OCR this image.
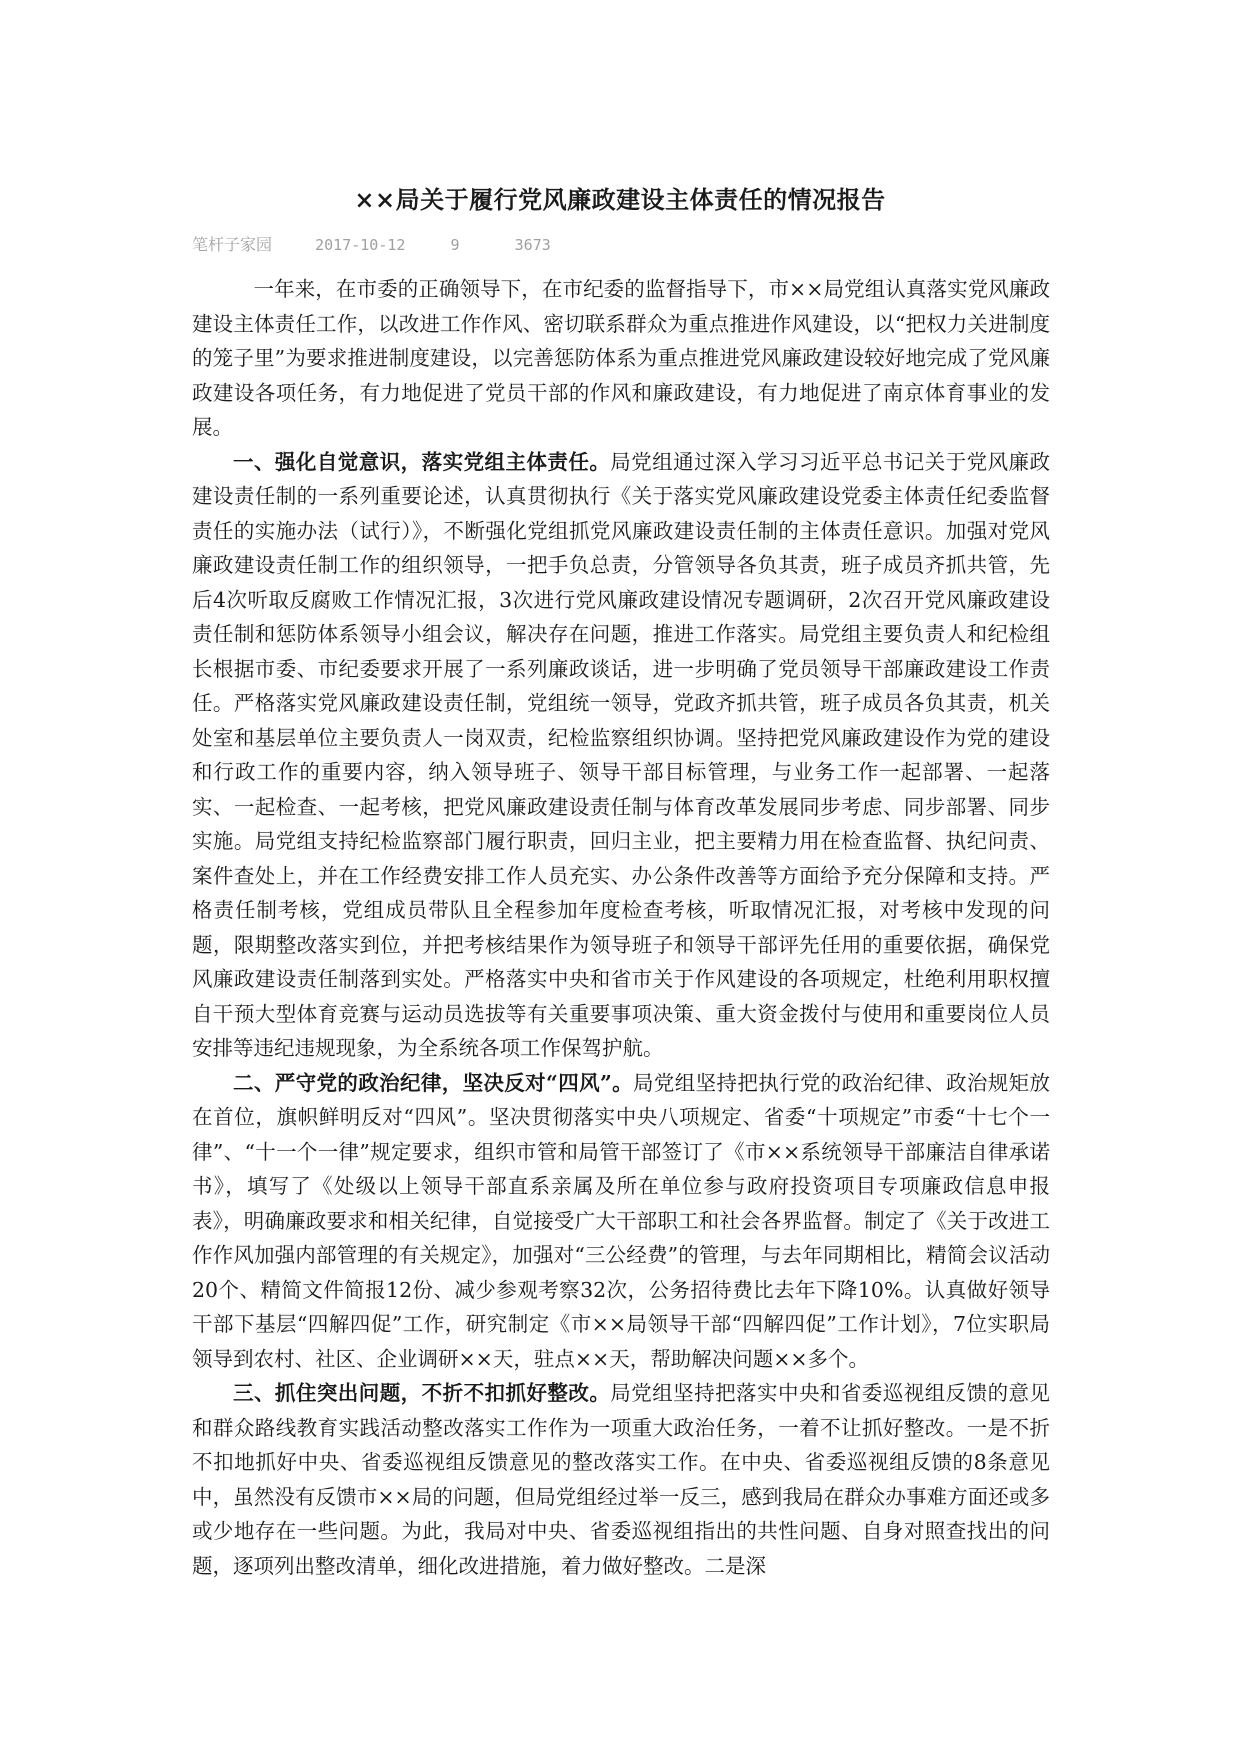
××局关于履行党风廉政建设主体责任的情况报告
笔杆子家园	2017-10-12	9	3673

一年来，在市委的正确领导下，在市纪委的监督指导下，市××局党组认真落实党风廉政建设主体责任工作，以改进工作作风、密切联系群众为重点推进作风建设，以“把权力关进制度的笼子里”为要求推进制度建设，以完善惩防体系为重点推进党风廉政建设较好地完成了党风廉政建设各项任务，有力地促进了党员干部的作风和廉政建设，有力地促进了南京体育事业的发展。

一、强化自觉意识，落实党组主体责任。局党组通过深入学习习近平总书记关于党风廉政建设责任制的一系列重要论述，认真贯彻执行《关于落实党风廉政建设党委主体责任纪委监督责任的实施办法（试行）》，不断强化党组抓党风廉政建设责任制的主体责任意识。加强对党风廉政建设责任制工作的组织领导，一把手负总责，分管领导各负其责，班子成员齐抓共管，先后4次听取反腐败工作情况汇报，3次进行党风廉政建设情况专题调研，2次召开党风廉政建设责任制和惩防体系领导小组会议，解决存在问题，推进工作落实。局党组主要负责人和纪检组长根据市委、市纪委要求开展了一系列廉政谈话，进一步明确了党员领导干部廉政建设工作责任。严格落实党风廉政建设责任制，党组统一领导，党政齐抓共管，班子成员各负其责，机关处室和基层单位主要负责人一岗双责，纪检监察组织协调。坚持把党风廉政建设作为党的建设和行政工作的重要内容，纳入领导班子、领导干部目标管理，与业务工作一起部署、一起落实、一起检查、一起考核，把党风廉政建设责任制与体育改革发展同步考虑、同步部署、同步实施。局党组支持纪检监察部门履行职责，回归主业，把主要精力用在检查监督、执纪问责、案件查处上，并在工作经费安排工作人员充实、办公条件改善等方面给予充分保障和支持。严格责任制考核，党组成员带队且全程参加年度检查考核，听取情况汇报，对考核中发现的问题，限期整改落实到位，并把考核结果作为领导班子和领导干部评先任用的重要依据，确保党风廉政建设责任制落到实处。严格落实中央和省市关于作风建设的各项规定，杜绝利用职权擅自干预大型体育竞赛与运动员选拔等有关重要事项决策、重大资金拨付与使用和重要岗位人员安排等违纪违规现象，为全系统各项工作保驾护航。

二、严守党的政治纪律，坚决反对“四风”。局党组坚持把执行党的政治纪律、政治规矩放在首位，旗帜鲜明反对“四风”。坚决贯彻落实中央八项规定、省委“十项规定”市委“十七个一律”、“十一个一律”规定要求，组织市管和局管干部签订了《市××系统领导干部廉洁自律承诺书》，填写了《处级以上领导干部直系亲属及所在单位参与政府投资项目专项廉政信息申报表》，明确廉政要求和相关纪律，自觉接受广大干部职工和社会各界监督。制定了《关于改进工作作风加强内部管理的有关规定》，加强对“三公经费”的管理，与去年同期相比，精简会议活动20个、精简文件简报12份、减少参观考察32次，公务招待费比去年下降10%。认真做好领导干部下基层“四解四促”工作，研究制定《市××局领导干部“四解四促”工作计划》，7位实职局领导到农村、社区、企业调研××天，驻点××天，帮助解决问题××多个。

三、抓住突出问题，不折不扣抓好整改。局党组坚持把落实中央和省委巡视组反馈的意见和群众路线教育实践活动整改落实工作作为一项重大政治任务，一着不让抓好整改。一是不折不扣地抓好中央、省委巡视组反馈意见的整改落实工作。在中央、省委巡视组反馈的8条意见中，虽然没有反馈市××局的问题，但局党组经过举一反三，感到我局在群众办事难方面还或多或少地存在一些问题。为此，我局对中央、省委巡视组指出的共性问题、自身对照查找出的问题，逐项列出整改清单，细化改进措施，着力做好整改。二是深
